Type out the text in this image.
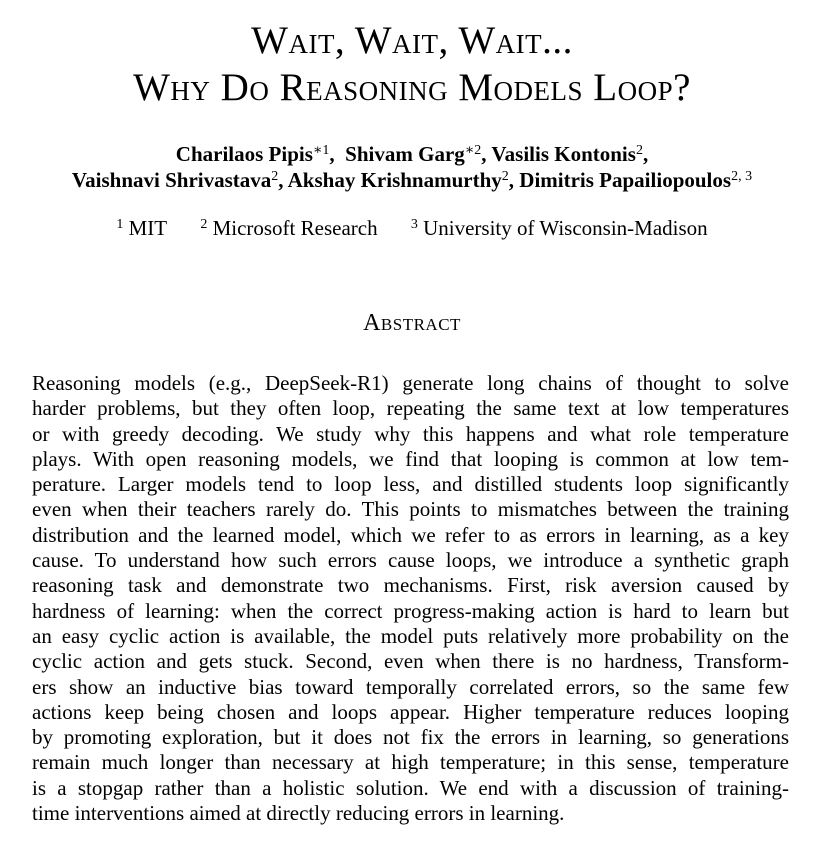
Wait, Wait, Wait...
Why Do Reasoning Models Loop?
Charilaos Pipis$^{∗1}$,  Shivam Garg$^{∗2}$, Vasilis Kontonis$^2$,
Vaishnavi Shrivastava$^2$, Akshay Krishnamurthy$^2$, Dimitris Papailiopoulos$^{2, 3}$
$^1$ MIT $^2$ Microsoft Research $^3$ University of Wisconsin-Madison
Abstract
Reasoning models (e.g., DeepSeek-R1) generate long chains of thought to solve
harder problems, but they often loop, repeating the same text at low temperatures
or with greedy decoding. We study why this happens and what role temperature
plays. With open reasoning models, we find that looping is common at low tem-
perature. Larger models tend to loop less, and distilled students loop significantly
even when their teachers rarely do. This points to mismatches between the training
distribution and the learned model, which we refer to as errors in learning, as a key
cause. To understand how such errors cause loops, we introduce a synthetic graph
reasoning task and demonstrate two mechanisms. First, risk aversion caused by
hardness of learning: when the correct progress-making action is hard to learn but
an easy cyclic action is available, the model puts relatively more probability on the
cyclic action and gets stuck. Second, even when there is no hardness, Transform-
ers show an inductive bias toward temporally correlated errors, so the same few
actions keep being chosen and loops appear. Higher temperature reduces looping
by promoting exploration, but it does not fix the errors in learning, so generations
remain much longer than necessary at high temperature; in this sense, temperature
is a stopgap rather than a holistic solution. We end with a discussion of training-
time interventions aimed at directly reducing errors in learning.
